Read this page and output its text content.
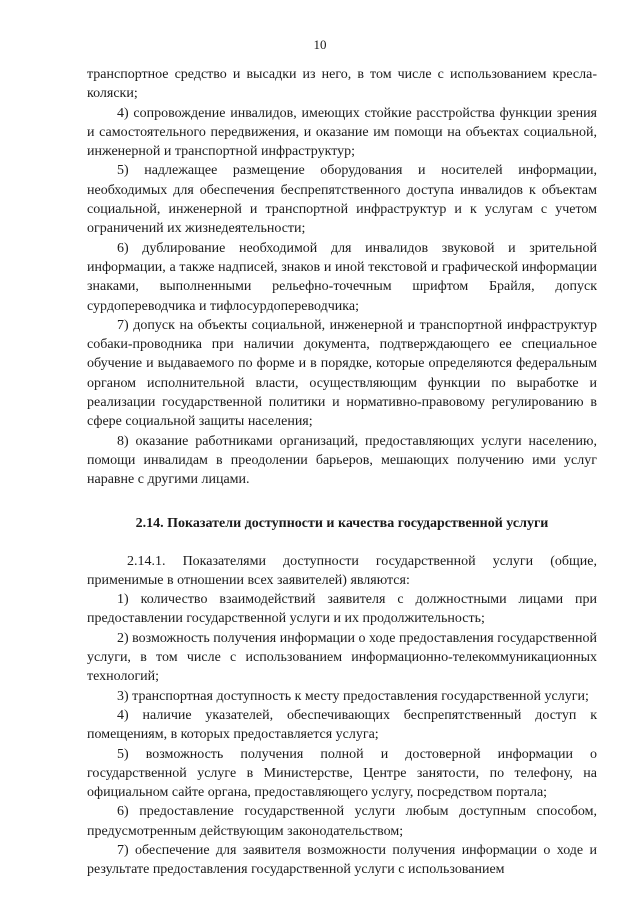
10

транспортное средство и высадки из него, в том числе с использованием кресла-коляски;

4) сопровождение инвалидов, имеющих стойкие расстройства функции зрения и самостоятельного передвижения, и оказание им помощи на объектах социальной, инженерной и транспортной инфраструктур;

5) надлежащее размещение оборудования и носителей информации, необходимых для обеспечения беспрепятственного доступа инвалидов к объектам социальной, инженерной и транспортной инфраструктур и к услугам с учетом ограничений их жизнедеятельности;

6) дублирование необходимой для инвалидов звуковой и зрительной информации, а также надписей, знаков и иной текстовой и графической информации знаками, выполненными рельефно-точечным шрифтом Брайля, допуск сурдопереводчика и тифлосурдопереводчика;

7) допуск на объекты социальной, инженерной и транспортной инфраструктур собаки-проводника при наличии документа, подтверждающего ее специальное обучение и выдаваемого по форме и в порядке, которые определяются федеральным органом исполнительной власти, осуществляющим функции по выработке и реализации государственной политики и нормативно-правовому регулированию в сфере социальной защиты населения;

8) оказание работниками организаций, предоставляющих услуги населению, помощи инвалидам в преодолении барьеров, мешающих получению ими услуг наравне с другими лицами.

2.14. Показатели доступности и качества государственной услуги

2.14.1. Показателями доступности государственной услуги (общие, применимые в отношении всех заявителей) являются:

1) количество взаимодействий заявителя с должностными лицами при предоставлении государственной услуги и их продолжительность;

2) возможность получения информации о ходе предоставления государственной услуги, в том числе с использованием информационно-телекоммуникационных технологий;

3) транспортная доступность к месту предоставления государственной услуги;

4) наличие указателей, обеспечивающих беспрепятственный доступ к помещениям, в которых предоставляется услуга;

5) возможность получения полной и достоверной информации о государственной услуге в Министерстве, Центре занятости, по телефону, на официальном сайте органа, предоставляющего услугу, посредством портала;

6) предоставление государственной услуги любым доступным способом, предусмотренным действующим законодательством;

7) обеспечение для заявителя возможности получения информации о ходе и результате предоставления государственной услуги с использованием
